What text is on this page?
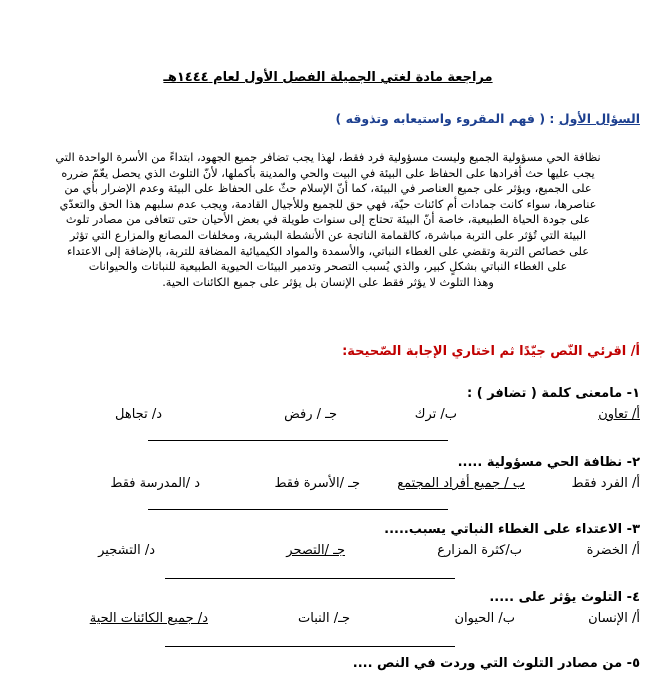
مراجعة مادة لغتي الجميلة الفصل الأول لعام ١٤٤٤هـ
السؤال الأول : ( فهم المقروء واستيعابه وتذوقه )
نظافة الحي مسؤولية الجميع وليست مسؤولية فرد فقط، لهذا يجب تضافر جميع الجهود، ابتداءً من الأسرة الواحدة التي
يجب عليها حث أفرادها على الحفاظ على البيئة في البيت والحي والمدينة بأكملها، لأنّ التلوث الذي يحصل يعّمّ ضرره
على الجميع، ويؤثر على جميع العناصر في البيئة، كما أنّ الإسلام حثّ على الحفاظ على البيئة وعدم الإضرار بأي من
عناصرها، سواء كانت جمادات أم كائنات حيّة، فهي حق للجميع وللأجيال القادمة، ويجب عدم سلبهم هذا الحق والتعدّي
على جودة الحياة الطبيعية، خاصة أنّ البيئة تحتاج إلى سنوات طويلة في بعض الأحيان حتى تتعافى من مصادر تلوث
البيئة التي تُؤثر على التربة مباشرة، كالقمامة الناتجة عن الأنشطة البشرية، ومخلفات المصانع والمزارع التي تؤثر
على خصائص التربة وتقضي على الغطاء النباتي، والأسمدة والمواد الكيميائية المضافة للتربة، بالإضافة إلى الاعتداء
على الغطاء النباتي بشكلٍ كبير، والذي يُسبب التصحر وتدمير البيئات الحيوية الطبيعية للنباتات والحيوانات
وهذا التلوث لا يؤثر فقط على الإنسان بل يؤثر على جميع الكائنات الحية.
أ/ اقرئي النّص جيّدًا ثم اختاري الإجابة الصّحيحة:
١- مامعنى كلمة ( تضافر ) :
أ/ تعاون
ب/ ترك
جـ / رفض
د/ تجاهل
٢- نظافة الحي مسؤولية .....
أ/ الفرد فقط
ب / جميع أفراد المجتمع
جـ /الأسرة فقط
د /المدرسة فقط
٣- الاعتداء على الغطاء النباتي يسبب.....
أ/ الخضرة
ب/كثرة المزارع
جـ /التصحر
د/ التشجير
٤- التلوث يؤثر على .....
أ/ الإنسان
ب/ الحيوان
جـ/ النبات
د/ جميع الكائنات الحية
٥- من مصادر التلوث التي وردت في النص ....
